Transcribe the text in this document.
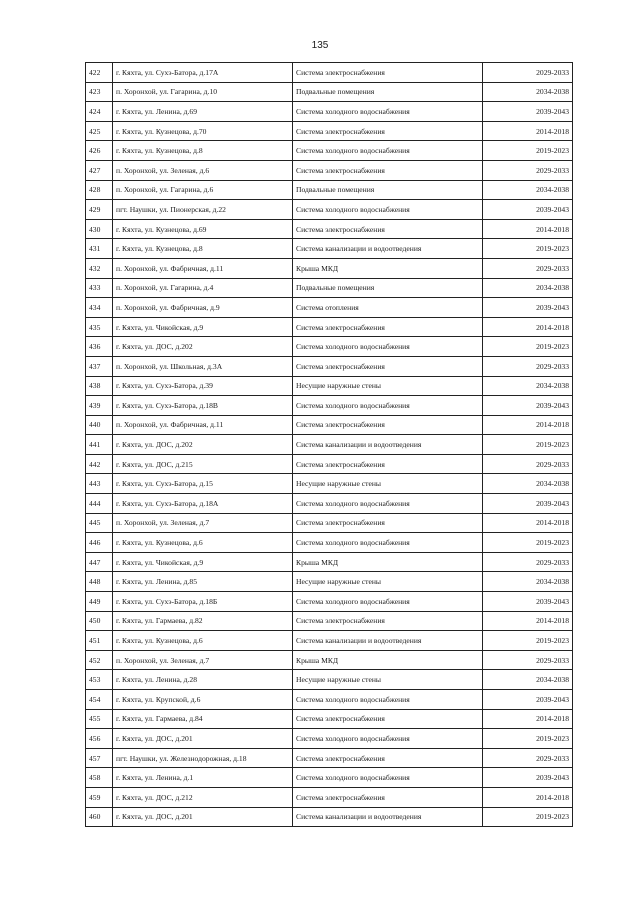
135
422	г. Кяхта, ул. Сухэ-Батора, д.17А	Система электроснабжения	2029-2033
423	п. Хоронхой, ул. Гагарина, д.10	Подвальные помещения	2034-2038
424	г. Кяхта, ул. Ленина, д.69	Система холодного водоснабжения	2039-2043
425	г. Кяхта, ул. Кузнецова, д.70	Система электроснабжения	2014-2018
426	г. Кяхта, ул. Кузнецова, д.8	Система холодного водоснабжения	2019-2023
427	п. Хоронхой, ул. Зеленая, д.6	Система электроснабжения	2029-2033
428	п. Хоронхой, ул. Гагарина, д.6	Подвальные помещения	2034-2038
429	пгт. Наушки, ул. Пионерская, д.22	Система холодного водоснабжения	2039-2043
430	г. Кяхта, ул. Кузнецова, д.69	Система электроснабжения	2014-2018
431	г. Кяхта, ул. Кузнецова, д.8	Система канализации и водоотведения	2019-2023
432	п. Хоронхой, ул. Фабричная, д.11	Крыша МКД	2029-2033
433	п. Хоронхой, ул. Гагарина, д.4	Подвальные помещения	2034-2038
434	п. Хоронхой, ул. Фабричная, д.9	Система отопления	2039-2043
435	г. Кяхта, ул. Чикойская, д.9	Система электроснабжения	2014-2018
436	г. Кяхта, ул. ДОС, д.202	Система холодного водоснабжения	2019-2023
437	п. Хоронхой, ул. Школьная, д.3А	Система электроснабжения	2029-2033
438	г. Кяхта, ул. Сухэ-Батора, д.39	Несущие наружные стены	2034-2038
439	г. Кяхта, ул. Сухэ-Батора, д.18В	Система холодного водоснабжения	2039-2043
440	п. Хоронхой, ул. Фабричная, д.11	Система электроснабжения	2014-2018
441	г. Кяхта, ул. ДОС, д.202	Система канализации и водоотведения	2019-2023
442	г. Кяхта, ул. ДОС, д.215	Система электроснабжения	2029-2033
443	г. Кяхта, ул. Сухэ-Батора, д.15	Несущие наружные стены	2034-2038
444	г. Кяхта, ул. Сухэ-Батора, д.18А	Система холодного водоснабжения	2039-2043
445	п. Хоронхой, ул. Зеленая, д.7	Система электроснабжения	2014-2018
446	г. Кяхта, ул. Кузнецова, д.6	Система холодного водоснабжения	2019-2023
447	г. Кяхта, ул. Чикойская, д.9	Крыша МКД	2029-2033
448	г. Кяхта, ул. Ленина, д.85	Несущие наружные стены	2034-2038
449	г. Кяхта, ул. Сухэ-Батора, д.18Б	Система холодного водоснабжения	2039-2043
450	г. Кяхта, ул. Гармаева, д.82	Система электроснабжения	2014-2018
451	г. Кяхта, ул. Кузнецова, д.6	Система канализации и водоотведения	2019-2023
452	п. Хоронхой, ул. Зеленая, д.7	Крыша МКД	2029-2033
453	г. Кяхта, ул. Ленина, д.28	Несущие наружные стены	2034-2038
454	г. Кяхта, ул. Крупской, д.6	Система холодного водоснабжения	2039-2043
455	г. Кяхта, ул. Гармаева, д.84	Система электроснабжения	2014-2018
456	г. Кяхта, ул. ДОС, д.201	Система холодного водоснабжения	2019-2023
457	пгт. Наушки, ул. Железнодорожная, д.18	Система электроснабжения	2029-2033
458	г. Кяхта, ул. Ленина, д.1	Система холодного водоснабжения	2039-2043
459	г. Кяхта, ул. ДОС, д.212	Система электроснабжения	2014-2018
460	г. Кяхта, ул. ДОС, д.201	Система канализации и водоотведения	2019-2023
